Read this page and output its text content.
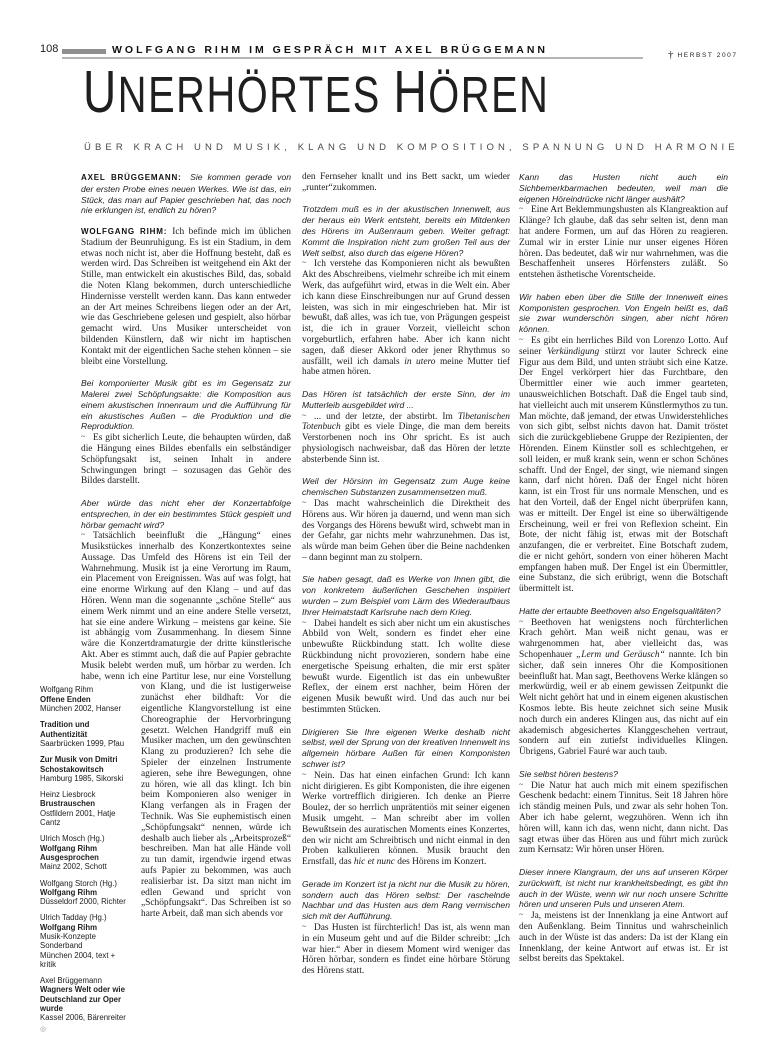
108	WOLFGANG RIHM IM GESPRÄCH MIT AXEL BRÜGGEMANN	† HERBST 2007
UNERHÖRTES HÖREN
ÜBER KRACH UND MUSIK, KLANG UND KOMPOSITION, SPANNUNG UND HARMONIE
AXEL BRÜGGEMANN: Sie kommen gerade von der ersten Probe eines neuen Werkes. Wie ist das, ein Stück, das man auf Papier geschrieben hat, das noch nie erklungen ist, endlich zu hören?
WOLFGANG RIHM: Ich befinde mich im üblichen Stadium der Beunruhigung. Es ist ein Stadium, in dem etwas noch nicht ist, aber die Hoffnung besteht, daß es werden wird. Das Schreiben ist weitgehend ein Akt der Stille, man entwickelt ein akustisches Bild, das, sobald die Noten Klang bekommen, durch unterschiedliche Hindernisse verstellt werden kann. Das kann entweder an der Art meines Schreibens liegen oder an der Art, wie das Geschriebene gelesen und gespielt, also hörbar gemacht wird. Uns Musiker unterscheidet von bildenden Künstlern, daß wir nicht im haptischen Kontakt mit der eigentlichen Sache stehen können – sie bleibt eine Vorstellung.
Bei komponierter Musik gibt es im Gegensatz zur Malerei zwei Schöpfungsakte: die Komposition aus einem akustischen Innenraum und die Aufführung für ein akustisches Außen – die Produktion und die Reproduktion.
~ Es gibt sicherlich Leute, die behaupten würden, daß die Hängung eines Bildes ebenfalls ein selbständiger Schöpfungsakt ist, seinen Inhalt in andere Schwingungen bringt – sozusagen das Gehör des Bildes darstellt.
Aber würde das nicht eher der Konzertabfolge entsprechen, in der ein bestimmtes Stück gespielt und hörbar gemacht wird?
~ Tatsächlich beeinflußt die „Hängung“ eines Musikstückes innerhalb des Konzertkontextes seine Aussage. Das Umfeld des Hörens ist ein Teil der Wahrnehmung. Musik ist ja eine Verortung im Raum, ein Placement von Ereignissen. Was auf was folgt, hat eine enorme Wirkung auf den Klang – und auf das Hören. Wenn man die sogenannte „schöne Stelle“ aus einem Werk nimmt und an eine andere Stelle versetzt, hat sie eine andere Wirkung – meistens gar keine. Sie ist abhängig vom Zusammenhang. In diesem Sinne wäre die Konzertdramaturgie der dritte künstlerische Akt. Aber es stimmt auch, daß die auf Papier gebrachte Musik belebt werden muß, um hörbar zu werden. Ich habe, wenn ich eine Partitur lese, nur eine Vorstellung von Klang,
Wolfgang Rihm
Offene Enden
München 2002, Hanser
Tradition und Authentizität
Saarbrücken 1999, Pfau
Zur Musik von Dmitri
Schostakowitsch
Hamburg 1985, Sikorski
Heinz Liesbrock
Brustrauschen
Ostfildern 2001, Hatje Cantz
Ulrich Mosch (Hg.)
Wolfgang Rihm Ausgesprochen
Mainz 2002, Schott
Wolfgang Storch (Hg.)
Wolfgang Rihm
Düsseldorf 2000, Richter
Ulrich Tadday (Hg.)
Wolfgang Rihm
Musik-Konzepte Sonderband
München 2004, text + kritik
Axel Brüggemann
Wagners Welt oder wie
Deutschland zur Oper wurde
Kassel 2006, Bärenreiter ◎
und die ist lustigerweise zunächst eher bildhaft: Vor die eigentliche Klangvorstellung ist eine Choreographie der Hervorbringung gesetzt. Welchen Handgriff muß ein Musiker machen, um den gewünschten Klang zu produzieren? Ich sehe die Spieler der einzelnen Instrumente agieren, sehe ihre Bewegungen, ohne zu hören, wie all das klingt. Ich bin beim Komponieren also weniger in Klang verfangen als in Fragen der Technik. Was Sie euphemistisch einen „Schöpfungsakt“ nennen, würde ich deshalb auch lieber als „Arbeitsprozeß“ beschreiben. Man hat alle Hände voll zu tun damit, irgendwie irgend etwas aufs Papier zu bekommen, was auch realisierbar ist. Da sitzt man nicht im edlen Gewand und spricht von „Schöpfungsakt“. Das Schreiben ist so harte Arbeit, daß man sich abends vor
den Fernseher knallt und ins Bett sackt, um wieder „runter“zukommen.
Trotzdem muß es in der akustischen Innenwelt, aus der heraus ein Werk entsteht, bereits ein Mitdenken des Hörens im Außenraum geben. Weiter gefragt: Kommt die Inspiration nicht zum großen Teil aus der Welt selbst, also durch das eigene Hören?
~ Ich verstehe das Komponieren nicht als bewußten Akt des Abschreibens, vielmehr schreibe ich mit einem Werk, das aufgeführt wird, etwas in die Welt ein. Aber ich kann diese Einschreibungen nur auf Grund dessen leisten, was sich in mir eingeschrieben hat. Mir ist bewußt, daß alles, was ich tue, von Prägungen gespeist ist, die ich in grauer Vorzeit, vielleicht schon vorgeburtlich, erfahren habe. Aber ich kann nicht sagen, daß dieser Akkord oder jener Rhythmus so ausfällt, weil ich damals in utero meine Mutter tief habe atmen hören.
Das Hören ist tatsächlich der erste Sinn, der im Mutterleib ausgebildet wird ...
~ ... und der letzte, der abstirbt. Im Tibetanischen Totenbuch gibt es viele Dinge, die man dem bereits Verstorbenen noch ins Ohr spricht. Es ist auch physiologisch nachweisbar, daß das Hören der letzte absterbende Sinn ist.
Weil der Hörsinn im Gegensatz zum Auge keine chemischen Substanzen zusammensetzen muß.
~ Das macht wahrscheinlich die Direktheit des Hörens aus. Wir hören ja dauernd, und wenn man sich des Vorgangs des Hörens bewußt wird, schwebt man in der Gefahr, gar nichts mehr wahrzunehmen. Das ist, als würde man beim Gehen über die Beine nachdenken – dann beginnt man zu stolpern.
Sie haben gesagt, daß es Werke von Ihnen gibt, die von konkretem äußerlichen Geschehen inspiriert wurden – zum Beispiel vom Lärm des Wiederaufbaus Ihrer Heimatstadt Karlsruhe nach dem Krieg.
~ Dabei handelt es sich aber nicht um ein akustisches Abbild von Welt, sondern es findet eher eine unbewußte Rückbindung statt. Ich wollte diese Rückbindung nicht provozieren, sondern habe eine energetische Speisung erhalten, die mir erst später bewußt wurde. Eigentlich ist das ein unbewußter Reflex, der einem erst nachher, beim Hören der eigenen Musik bewußt wird. Und das auch nur bei bestimmten Stücken.
Dirigieren Sie Ihre eigenen Werke deshalb nicht selbst, weil der Sprung von der kreativen Innenwelt ins allgemein hörbare Außen für einen Komponisten schwer ist?
~ Nein. Das hat einen einfachen Grund: Ich kann nicht dirigieren. Es gibt Komponisten, die ihre eigenen Werke vortrefflich dirigieren. Ich denke an Pierre Boulez, der so herrlich unprätentiös mit seiner eigenen Musik umgeht. – Man schreibt aber im vollen Bewußtsein des auratischen Moments eines Konzertes, den wir nicht am Schreibtisch und nicht einmal in den Proben kalkulieren können. Musik braucht den Ernstfall, das hic et nunc des Hörens im Konzert.
Gerade im Konzert ist ja nicht nur die Musik zu hören, sondern auch das Hören selbst: Der raschelnde Nachbar und das Husten aus dem Rang vermischen sich mit der Aufführung.
~ Das Husten ist fürchterlich! Das ist, als wenn man in ein Museum geht und auf die Bilder schreibt: „Ich war hier.“ Aber in diesem Moment wird weniger das Hören hörbar, sondern es findet eine hörbare Störung des Hörens statt.
Kann das Husten nicht auch ein Sichbemerkbarmachen bedeuten, weil man die eigenen Höreindrücke nicht länger aushält?
~ Eine Art Beklemmungshusten als Klangreaktion auf Klänge? Ich glaube, daß das sehr selten ist, denn man hat andere Formen, um auf das Hören zu reagieren. Zumal wir in erster Linie nur unser eigenes Hören hören. Das bedeutet, daß wir nur wahrnehmen, was die Beschaffenheit unseres Hörfensters zuläßt. So entstehen ästhetische Vorentscheide.
Wir haben eben über die Stille der Innenwelt eines Komponisten gesprochen. Von Engeln heißt es, daß sie zwar wunderschön singen, aber nicht hören können.
~ Es gibt ein herrliches Bild von Lorenzo Lotto. Auf seiner Verkündigung stürzt vor lauter Schreck eine Figur aus dem Bild, und unten sträubt sich eine Katze. Der Engel verkörpert hier das Furchtbare, den Übermittler einer wie auch immer gearteten, unausweichlichen Botschaft. Daß die Engel taub sind, hat vielleicht auch mit unserem Künstlermythos zu tun. Man möchte, daß jemand, der etwas Unwiderstehliches von sich gibt, selbst nichts davon hat. Damit tröstet sich die zurückgebliebene Gruppe der Rezipienten, der Hörenden. Einem Künstler soll es schlechtgehen, er soll leiden, er muß krank sein, wenn er schon Schönes schafft. Und der Engel, der singt, wie niemand singen kann, darf nicht hören. Daß der Engel nicht hören kann, ist ein Trost für uns normale Menschen, und es hat den Vorteil, daß der Engel nicht überprüfen kann, was er mitteilt. Der Engel ist eine so überwältigende Erscheinung, weil er frei von Reflexion scheint. Ein Bote, der nicht fähig ist, etwas mit der Botschaft anzufangen, die er verbreitet. Eine Botschaft zudem, die er nicht gehört, sondern von einer höheren Macht empfangen haben muß. Der Engel ist ein Übermittler, eine Substanz, die sich erübrigt, wenn die Botschaft übermittelt ist.
Hatte der ertaubte Beethoven also Engelsqualitäten?
~ Beethoven hat wenigstens noch fürchterlichen Krach gehört. Man weiß nicht genau, was er wahrgenommen hat, aber vielleicht das, was Schopenhauer „Lerm und Geräusch“ nannte. Ich bin sicher, daß sein inneres Ohr die Kompositionen beeinflußt hat. Man sagt, Beethovens Werke klängen so merkwürdig, weil er ab einem gewissen Zeitpunkt die Welt nicht gehört hat und in einem eigenen akustischen Kosmos lebte. Bis heute zeichnet sich seine Musik noch durch ein anderes Klingen aus, das nicht auf ein akademisch abgesichertes Klanggeschehen vertraut, sondern auf ein zutiefst individuelles Klingen. Übrigens, Gabriel Fauré war auch taub.
Sie selbst hören bestens?
~ Die Natur hat auch mich mit einem spezifischen Geschenk bedacht: einem Tinnitus. Seit 18 Jahren höre ich ständig meinen Puls, und zwar als sehr hohen Ton. Aber ich habe gelernt, wegzuhören. Wenn ich ihn hören will, kann ich das, wenn nicht, dann nicht. Das sagt etwas über das Hören aus und führt mich zurück zum Kernsatz: Wir hören unser Hören.
Dieser innere Klangraum, der uns auf unseren Körper zurückwirft, ist nicht nur krankheitsbedingt, es gibt ihn auch in der Wüste, wenn wir nur noch unsere Schritte hören und unseren Puls und unseren Atem.
~ Ja, meistens ist der Innenklang ja eine Antwort auf den Außenklang. Beim Tinnitus und wahrscheinlich auch in der Wüste ist das anders: Da ist der Klang ein Innenklang, der keine Antwort auf etwas ist. Er ist selbst bereits das Spektakel.
